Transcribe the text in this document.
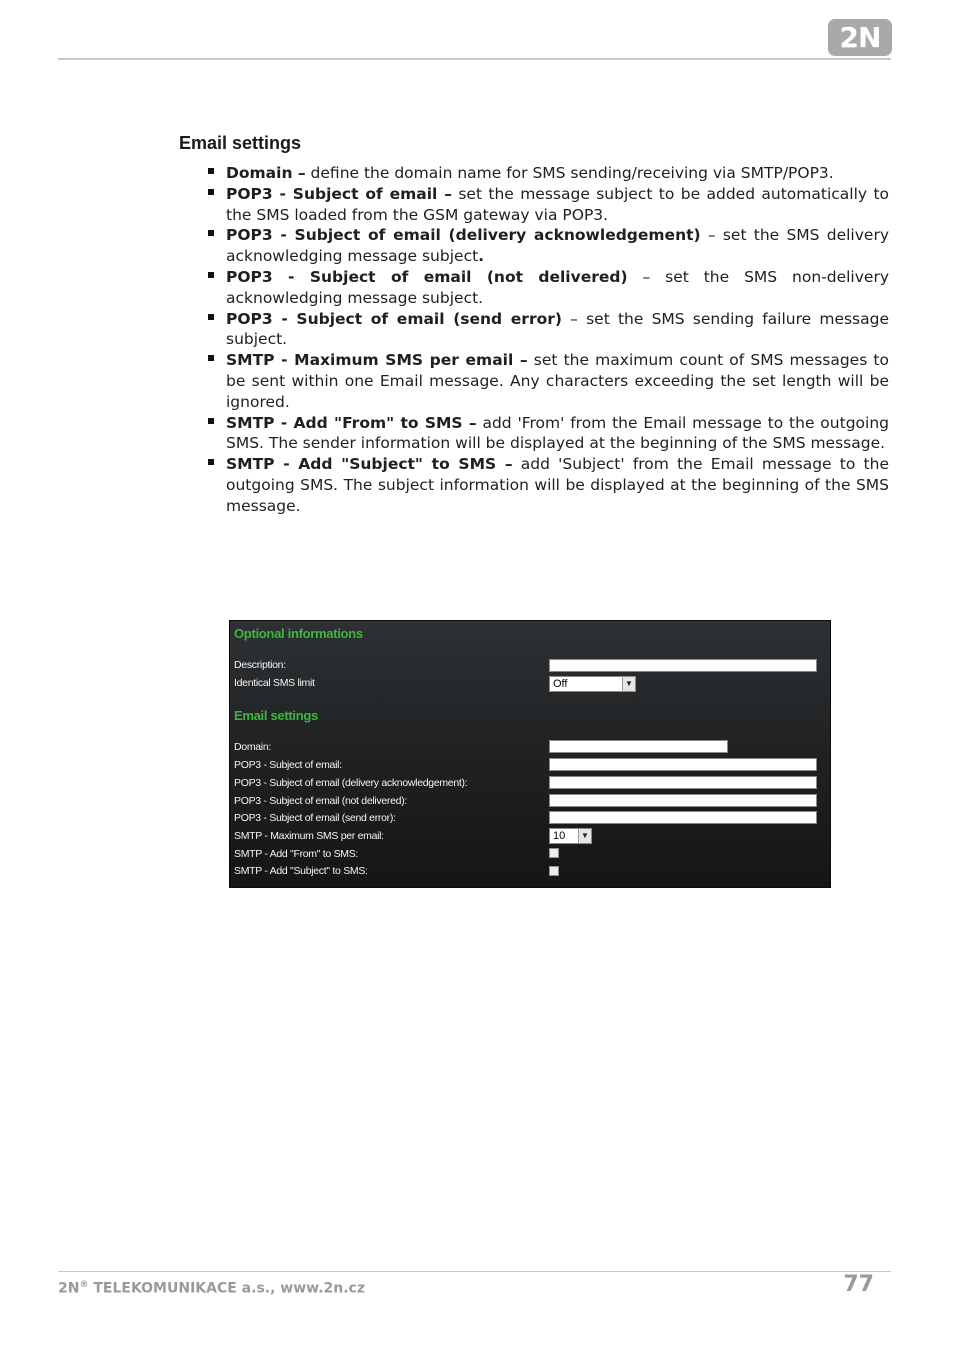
2N
Email settings
Domain – define the domain name for SMS sending/receiving via SMTP/POP3.
POP3 - Subject of email – set the message subject to be added automatically to the SMS loaded from the GSM gateway via POP3.
POP3 - Subject of email (delivery acknowledgement) – set the SMS delivery acknowledging message subject.
POP3 - Subject of email (not delivered) – set the SMS non-delivery acknowledging message subject.
POP3 - Subject of email (send error) – set the SMS sending failure message subject.
SMTP - Maximum SMS per email – set the maximum count of SMS messages to be sent within one Email message. Any characters exceeding the set length will be ignored.
SMTP - Add "From" to SMS – add 'From' from the Email message to the outgoing SMS. The sender information will be displayed at the beginning of the SMS message.
SMTP - Add "Subject" to SMS – add 'Subject' from the Email message to the outgoing SMS. The subject information will be displayed at the beginning of the SMS message.
Optional informations
Description:
Identical SMS limit	Off	▼
Email settings
Domain:
POP3 - Subject of email:
POP3 - Subject of email (delivery acknowledgement):
POP3 - Subject of email (not delivered):
POP3 - Subject of email (send error):
SMTP - Maximum SMS per email:	10	▼
SMTP - Add "From" to SMS:
SMTP - Add "Subject" to SMS:
2N® TELEKOMUNIKACE a.s., www.2n.cz	77
